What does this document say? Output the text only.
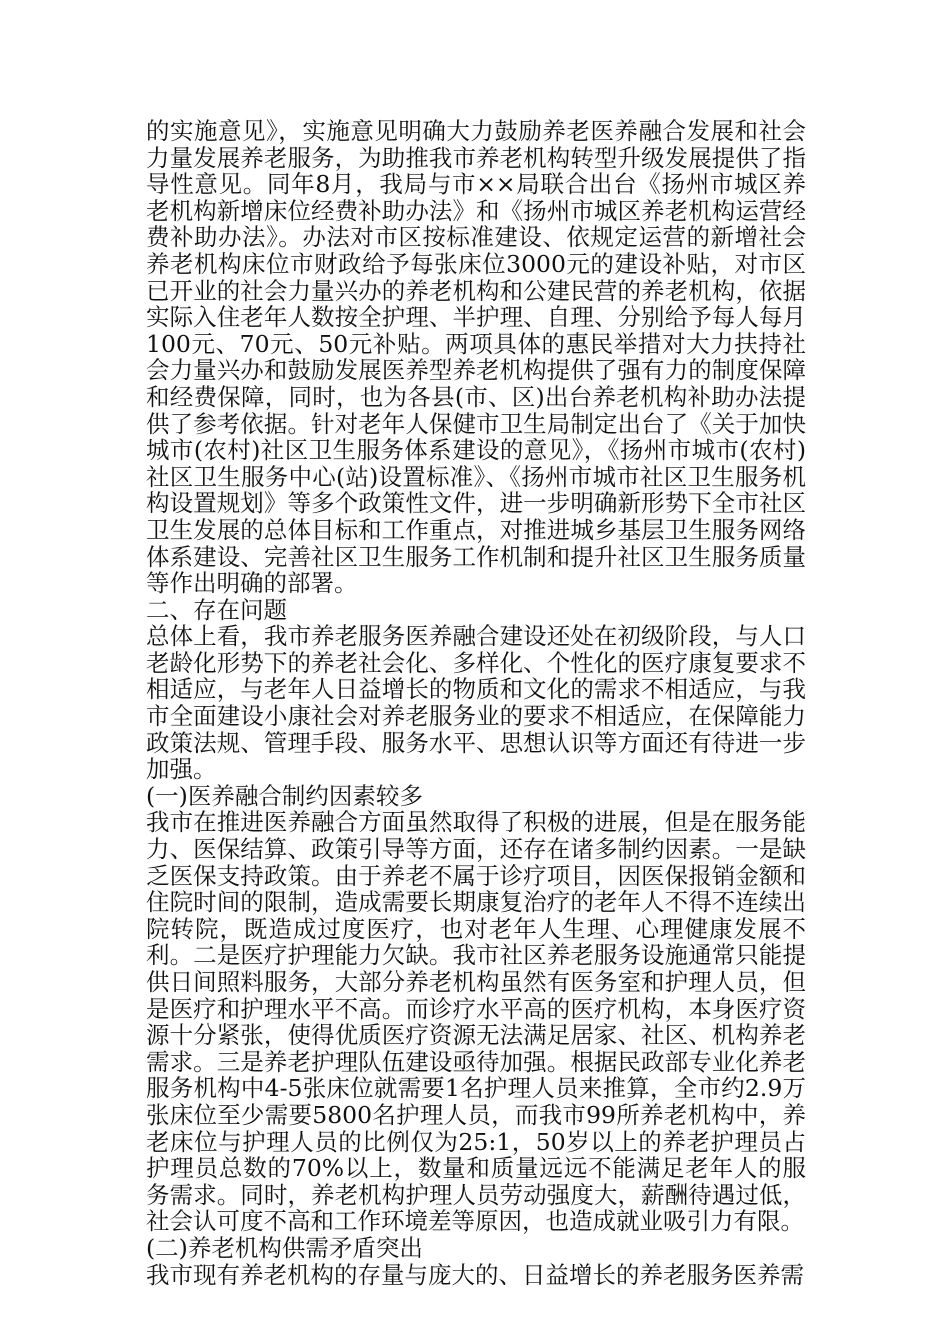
的实施意见》，实施意见明确大力鼓励养老医养融合发展和社会力量发展养老服务，为助推我市养老机构转型升级发展提供了指导性意见。同年8月，我局与市××局联合出台《扬州市城区养老机构新增床位经费补助办法》和《扬州市城区养老机构运营经费补助办法》。办法对市区按标准建设、依规定运营的新增社会养老机构床位市财政给予每张床位3000元的建设补贴，对市区已开业的社会力量兴办的养老机构和公建民营的养老机构，依据实际入住老年人数按全护理、半护理、自理、分别给予每人每月100元、70元、50元补贴。两项具体的惠民举措对大力扶持社会力量兴办和鼓励发展医养型养老机构提供了强有力的制度保障和经费保障，同时，也为各县(市、区)出台养老机构补助办法提供了参考依据。针对老年人保健市卫生局制定出台了《关于加快城市(农村)社区卫生服务体系建设的意见》，《扬州市城市(农村)社区卫生服务中心(站)设置标准》、《扬州市城市社区卫生服务机构设置规划》等多个政策性文件，进一步明确新形势下全市社区卫生发展的总体目标和工作重点，对推进城乡基层卫生服务网络体系建设、完善社区卫生服务工作机制和提升社区卫生服务质量等作出明确的部署。

二、存在问题

总体上看，我市养老服务医养融合建设还处在初级阶段，与人口老龄化形势下的养老社会化、多样化、个性化的医疗康复要求不相适应，与老年人日益增长的物质和文化的需求不相适应，与我市全面建设小康社会对养老服务业的要求不相适应，在保障能力政策法规、管理手段、服务水平、思想认识等方面还有待进一步加强。

(一)医养融合制约因素较多

我市在推进医养融合方面虽然取得了积极的进展，但是在服务能力、医保结算、政策引导等方面，还存在诸多制约因素。一是缺乏医保支持政策。由于养老不属于诊疗项目，因医保报销金额和住院时间的限制，造成需要长期康复治疗的老年人不得不连续出院转院，既造成过度医疗，也对老年人生理、心理健康发展不利。二是医疗护理能力欠缺。我市社区养老服务设施通常只能提供日间照料服务，大部分养老机构虽然有医务室和护理人员，但是医疗和护理水平不高。而诊疗水平高的医疗机构，本身医疗资源十分紧张，使得优质医疗资源无法满足居家、社区、机构养老需求。三是养老护理队伍建设亟待加强。根据民政部专业化养老服务机构中4-5张床位就需要1名护理人员来推算，全市约2.9万张床位至少需要5800名护理人员，而我市99所养老机构中，养老床位与护理人员的比例仅为25:1，50岁以上的养老护理员占护理员总数的70%以上，数量和质量远远不能满足老年人的服务需求。同时，养老机构护理人员劳动强度大，薪酬待遇过低，社会认可度不高和工作环境差等原因，也造成就业吸引力有限。

(二)养老机构供需矛盾突出

我市现有养老机构的存量与庞大的、日益增长的养老服务医养需
